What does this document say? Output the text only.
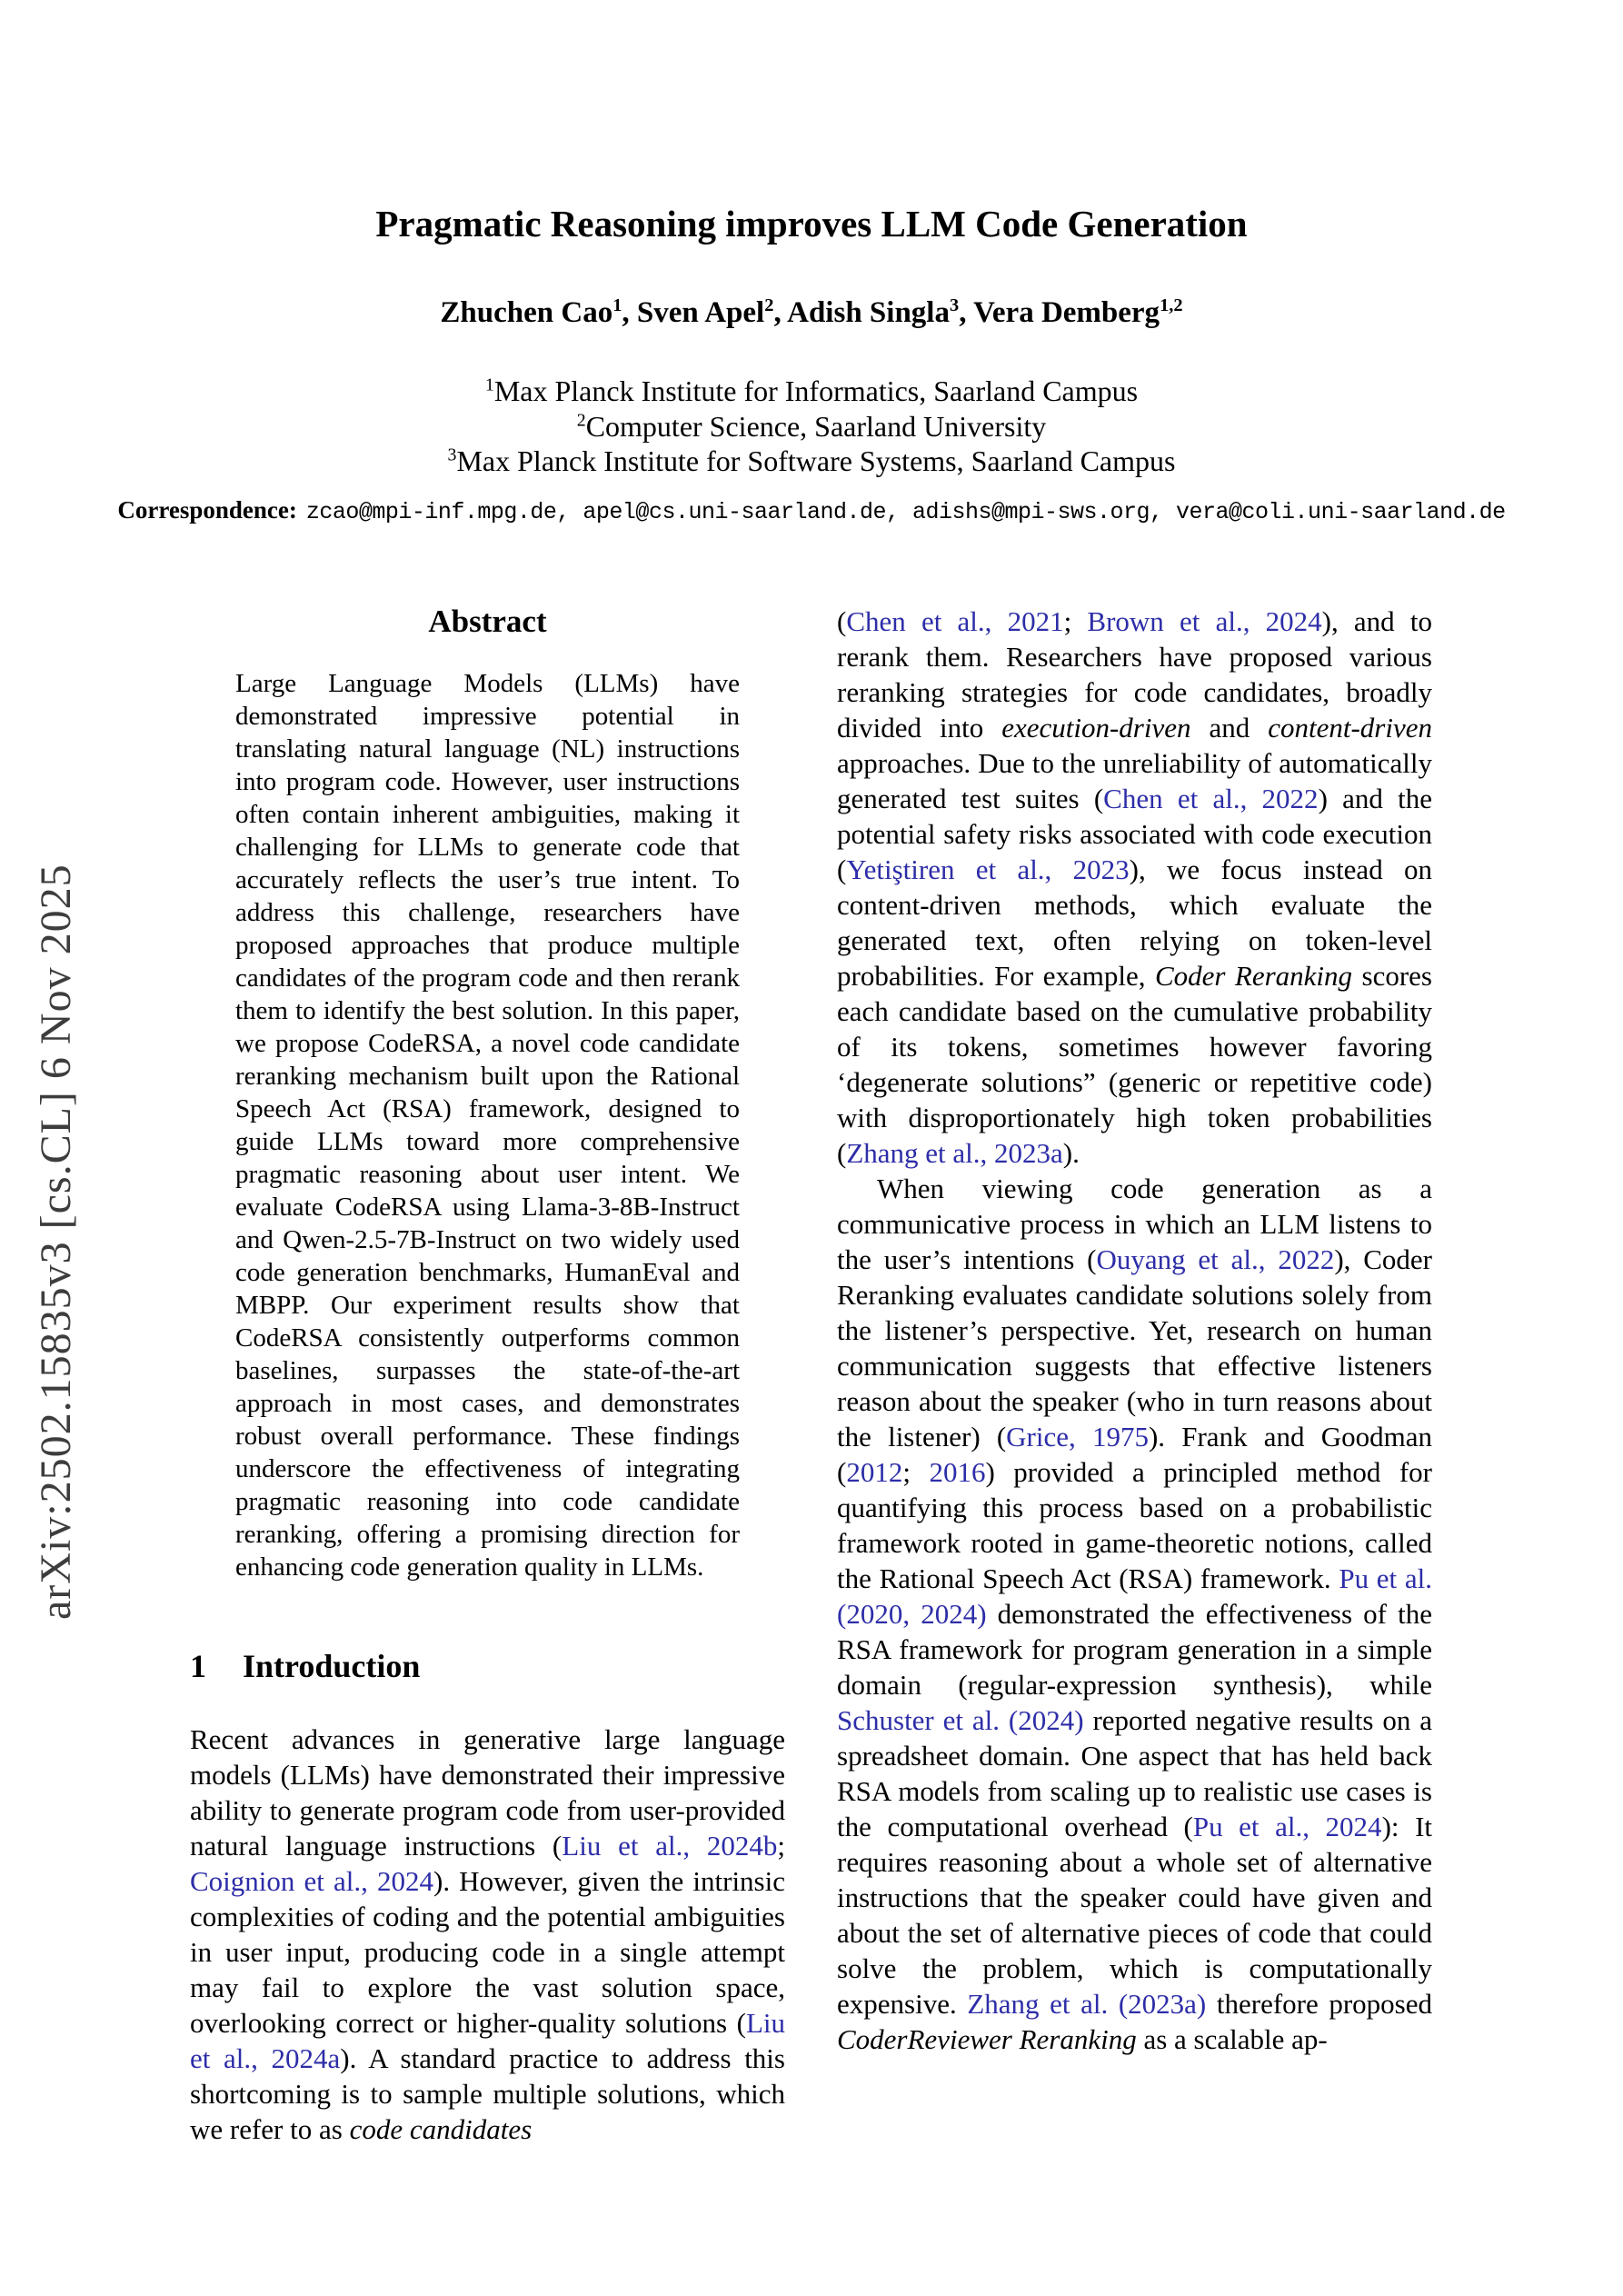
arXiv:2502.15835v3 [cs.CL] 6 Nov 2025
Pragmatic Reasoning improves LLM Code Generation
Zhuchen Cao$^1$, Sven Apel$^2$, Adish Singla$^3$, Vera Demberg$^{1,2}$
$^1$Max Planck Institute for Informatics, Saarland Campus
$^2$Computer Science, Saarland University
$^3$Max Planck Institute for Software Systems, Saarland Campus
Correspondence: zcao@mpi-inf.mpg.de, apel@cs.uni-saarland.de, adishs@mpi-sws.org, vera@coli.uni-saarland.de
Abstract
Large Language Models (LLMs) have demonstrated impressive potential in translating natural language (NL) instructions into program code. However, user instructions often contain inherent ambiguities, making it challenging for LLMs to generate code that accurately reflects the user’s true intent. To address this challenge, researchers have proposed approaches that produce multiple candidates of the program code and then rerank them to identify the best solution. In this paper, we propose CodeRSA, a novel code candidate reranking mechanism built upon the Rational Speech Act (RSA) framework, designed to guide LLMs toward more comprehensive pragmatic reasoning about user intent. We evaluate CodeRSA using Llama-3-8B-Instruct and Qwen-2.5-7B-Instruct on two widely used code generation benchmarks, HumanEval and MBPP. Our experiment results show that CodeRSA consistently outperforms common baselines, surpasses the state-of-the-art approach in most cases, and demonstrates robust overall performance. These findings underscore the effectiveness of integrating pragmatic reasoning into code candidate reranking, offering a promising direction for enhancing code generation quality in LLMs.
1 Introduction

Recent advances in generative large language models (LLMs) have demonstrated their impressive ability to generate program code from user-provided natural language instructions (Liu et al., 2024b; Coignion et al., 2024). However, given the intrinsic complexities of coding and the potential ambiguities in user input, producing code in a single attempt may fail to explore the vast solution space, overlooking correct or higher-quality solutions (Liu et al., 2024a). A standard practice to address this shortcoming is to sample multiple solutions, which we refer to as code candidates

(Chen et al., 2021; Brown et al., 2024), and to rerank them. Researchers have proposed various reranking strategies for code candidates, broadly divided into execution-driven and content-driven approaches. Due to the unreliability of automatically generated test suites (Chen et al., 2022) and the potential safety risks associated with code execution (Yetiştiren et al., 2023), we focus instead on content-driven methods, which evaluate the generated text, often relying on token-level probabilities. For example, Coder Reranking scores each candidate based on the cumulative probability of its tokens, sometimes however favoring ‘degenerate solutions” (generic or repetitive code) with disproportionately high token probabilities (Zhang et al., 2023a).

When viewing code generation as a communicative process in which an LLM listens to the user’s intentions (Ouyang et al., 2022), Coder Reranking evaluates candidate solutions solely from the listener’s perspective. Yet, research on human communication suggests that effective listeners reason about the speaker (who in turn reasons about the listener) (Grice, 1975). Frank and Goodman (2012; 2016) provided a principled method for quantifying this process based on a probabilistic framework rooted in game-theoretic notions, called the Rational Speech Act (RSA) framework. Pu et al. (2020, 2024) demonstrated the effectiveness of the RSA framework for program generation in a simple domain (regular-expression synthesis), while Schuster et al. (2024) reported negative results on a spreadsheet domain. One aspect that has held back RSA models from scaling up to realistic use cases is the computational overhead (Pu et al., 2024): It requires reasoning about a whole set of alternative instructions that the speaker could have given and about the set of alternative pieces of code that could solve the problem, which is computationally expensive. Zhang et al. (2023a) therefore proposed CoderReviewer Reranking as a scalable ap-
